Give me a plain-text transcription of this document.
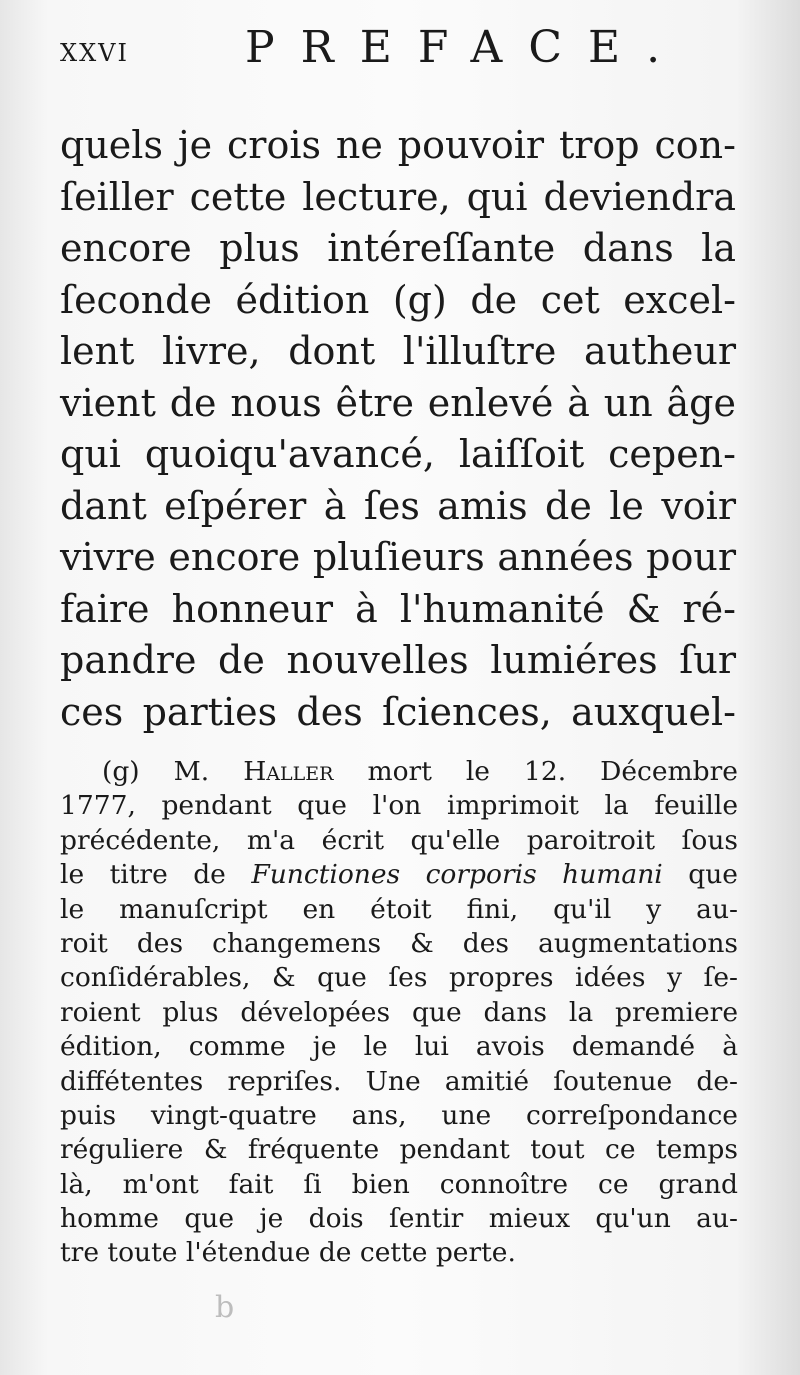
xxvi	PREFACE.
quels je crois ne pouvoir trop con-
ſeiller cette lecture, qui deviendra
encore plus intéreſſante dans la
ſeconde édition (g) de cet excel-
lent livre, dont l'illuſtre autheur
vient de nous être enlevé à un âge
qui quoiqu'avancé, laiſſoit cepen-
dant eſpérer à ſes amis de le voir
vivre encore pluſieurs années pour
faire honneur à l'humanité & ré-
pandre de nouvelles lumiéres ſur
ces parties des ſciences, auxquel-
(g) M. Haller mort le 12. Décembre
1777, pendant que l'on imprimoit la feuille
précédente, m'a écrit qu'elle paroitroit ſous
le titre de Functiones corporis humani que
le manuſcript en étoit fini, qu'il y au-
roit des changemens & des augmentations
conſidérables, & que ſes propres idées y ſe-
roient plus dévelopées que dans la premiere
édition, comme je le lui avois demandé à
diffétentes repriſes. Une amitié ſoutenue de-
puis vingt-quatre ans, une correſpondance
réguliere & fréquente pendant tout ce temps
là, m'ont fait ſi bien connoître ce grand
homme que je dois ſentir mieux qu'un au-
tre toute l'étendue de cette perte.
b
